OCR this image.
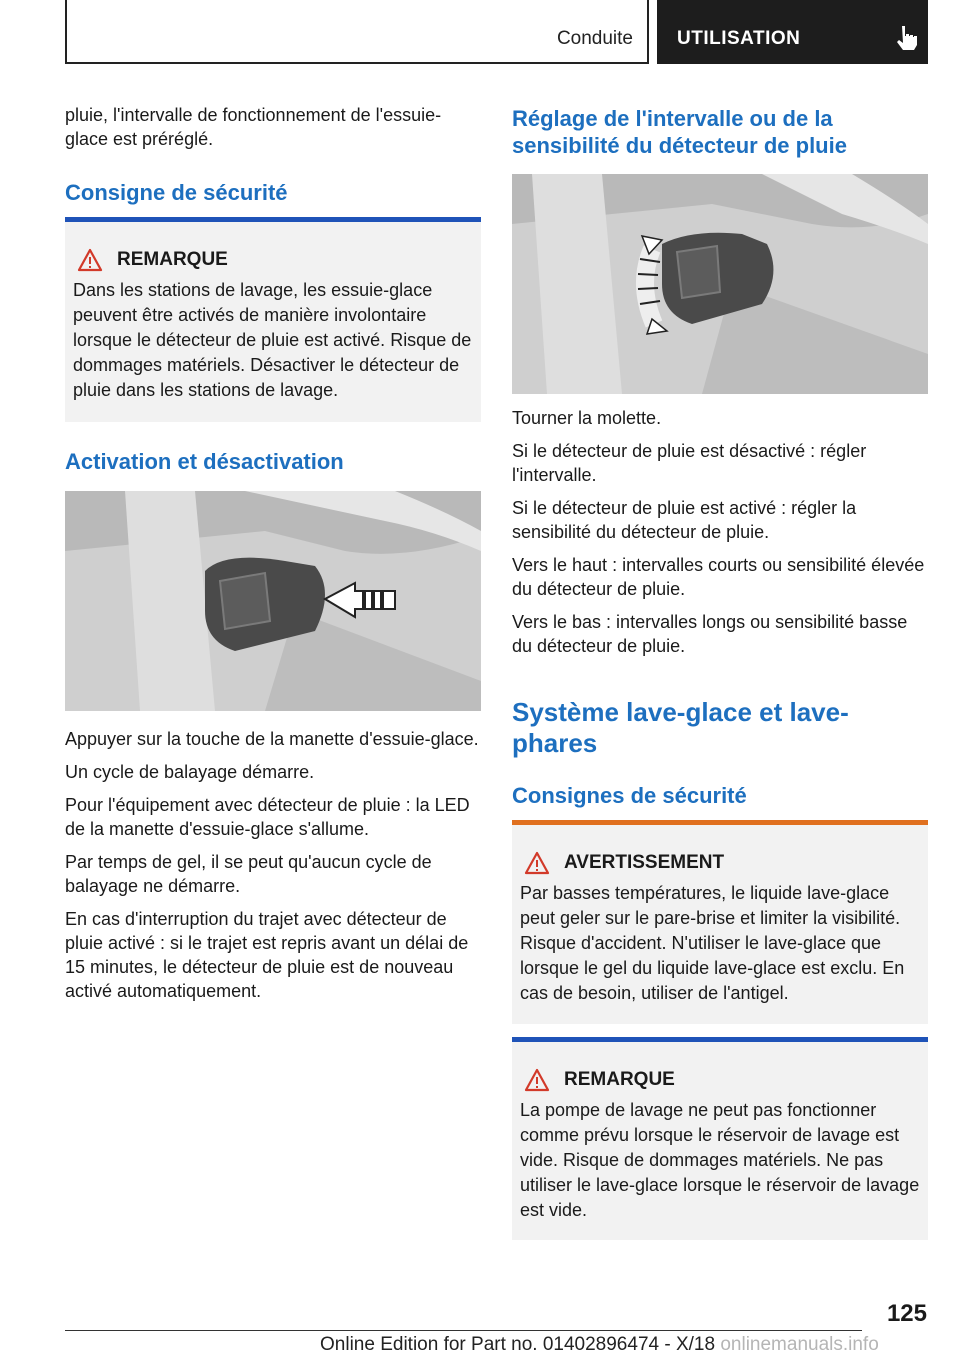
Conduite UTILISATION

pluie, l'intervalle de fonctionnement de l'essuie-glace est préréglé.

Consigne de sécurité

REMARQUE

Dans les stations de lavage, les essuie-glace peuvent être activés de manière involontaire lorsque le détecteur de pluie est activé. Risque de dommages matériels. Désactiver le détecteur de pluie dans les stations de lavage.

Activation et désactivation

Appuyer sur la touche de la manette d'essuie-glace.

Un cycle de balayage démarre.

Pour l'équipement avec détecteur de pluie : la LED de la manette d'essuie-glace s'allume.

Par temps de gel, il se peut qu'aucun cycle de balayage ne démarre.

En cas d'interruption du trajet avec détecteur de pluie activé : si le trajet est repris avant un délai de 15 minutes, le détecteur de pluie est de nouveau activé automatiquement.

Réglage de l'intervalle ou de la sensibilité du détecteur de pluie

Tourner la molette.

Si le détecteur de pluie est désactivé : régler l'intervalle.

Si le détecteur de pluie est activé : régler la sensibilité du détecteur de pluie.

Vers le haut : intervalles courts ou sensibilité élevée du détecteur de pluie.

Vers le bas : intervalles longs ou sensibilité basse du détecteur de pluie.

Système lave-glace et lave-phares

Consignes de sécurité

AVERTISSEMENT

Par basses températures, le liquide lave-glace peut geler sur le pare-brise et limiter la visibilité. Risque d'accident. N'utiliser le lave-glace que lorsque le gel du liquide lave-glace est exclu. En cas de besoin, utiliser de l'antigel.

REMARQUE

La pompe de lavage ne peut pas fonctionner comme prévu lorsque le réservoir de lavage est vide. Risque de dommages matériels. Ne pas utiliser le lave-glace lorsque le réservoir de lavage est vide.

125
Online Edition for Part no. 01402896474 - X/18 onlinemanuals.info
